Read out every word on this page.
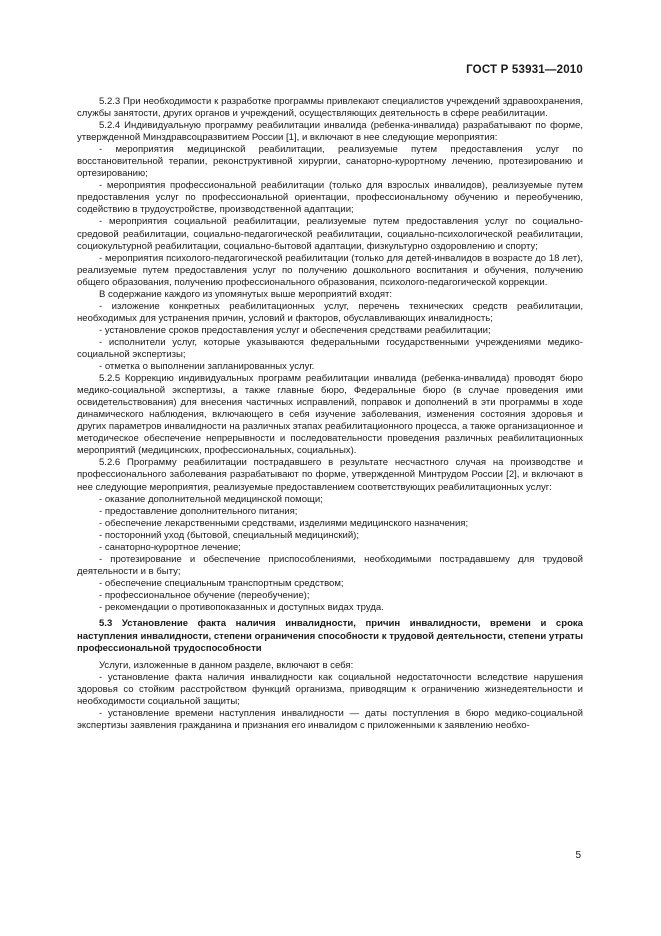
ГОСТ Р 53931—2010

5.2.3 При необходимости к разработке программы привлекают специалистов учреждений здравоохранения, службы занятости, других органов и учреждений, осуществляющих деятельность в сфере реабилитации.

5.2.4 Индивидуальную программу реабилитации инвалида (ребенка-инвалида) разрабатывают по форме, утвержденной Минздравсоцразвитием России [1], и включают в нее следующие мероприятия:

- мероприятия медицинской реабилитации, реализуемые путем предоставления услуг по восстановительной терапии, реконструктивной хирургии, санаторно-курортному лечению, протезированию и ортезированию;

- мероприятия профессиональной реабилитации (только для взрослых инвалидов), реализуемые путем предоставления услуг по профессиональной ориентации, профессиональному обучению и переобучению, содействию в трудоустройстве, производственной адаптации;

- мероприятия социальной реабилитации, реализуемые путем предоставления услуг по социально-средовой реабилитации, социально-педагогической реабилитации, социально-психологической реабилитации, социокультурной реабилитации, социально-бытовой адаптации, физкультурно оздоровлению и спорту;

- мероприятия психолого-педагогической реабилитации (только для детей-инвалидов в возрасте до 18 лет), реализуемые путем предоставления услуг по получению дошкольного воспитания и обучения, получению общего образования, получению профессионального образования, психолого-педагогической коррекции.

В содержание каждого из упомянутых выше мероприятий входят:

- изложение конкретных реабилитационных услуг, перечень технических средств реабилитации, необходимых для устранения причин, условий и факторов, обуславливающих инвалидность;

- установление сроков предоставления услуг и обеспечения средствами реабилитации;

- исполнители услуг, которые указываются федеральными государственными учреждениями медико-социальной экспертизы;

- отметка о выполнении запланированных услуг.

5.2.5 Коррекцию индивидуальных программ реабилитации инвалида (ребенка-инвалида) проводят бюро медико-социальной экспертизы, а также главные бюро, Федеральные бюро (в случае проведения ими освидетельствования) для внесения частичных исправлений, поправок и дополнений в эти программы в ходе динамического наблюдения, включающего в себя изучение заболевания, изменения состояния здоровья и других параметров инвалидности на различных этапах реабилитационного процесса, а также организационное и методическое обеспечение непрерывности и последовательности проведения различных реабилитационных мероприятий (медицинских, профессиональных, социальных).

5.2.6 Программу реабилитации пострадавшего в результате несчастного случая на производстве и профессионального заболевания разрабатывают по форме, утвержденной Минтрудом России [2], и включают в нее следующие мероприятия, реализуемые предоставлением соответствующих реабилитационных услуг:

- оказание дополнительной медицинской помощи;

- предоставление дополнительного питания;

- обеспечение лекарственными средствами, изделиями медицинского назначения;

- посторонний уход (бытовой, специальный медицинский);

- санаторно-курортное лечение;

- протезирование и обеспечение приспособлениями, необходимыми пострадавшему для трудовой деятельности и в быту;

- обеспечение специальным транспортным средством;

- профессиональное обучение (переобучение);

- рекомендации о противопоказанных и доступных видах труда.

5.3 Установление факта наличия инвалидности, причин инвалидности, времени и срока наступления инвалидности, степени ограничения способности к трудовой деятельности, степени утраты профессиональной трудоспособности

Услуги, изложенные в данном разделе, включают в себя:

- установление факта наличия инвалидности как социальной недостаточности вследствие нарушения здоровья со стойким расстройством функций организма, приводящим к ограничению жизнедеятельности и необходимости социальной защиты;

- установление времени наступления инвалидности — даты поступления в бюро медико-социальной экспертизы заявления гражданина и признания его инвалидом с приложенными к заявлению необхо-

5
